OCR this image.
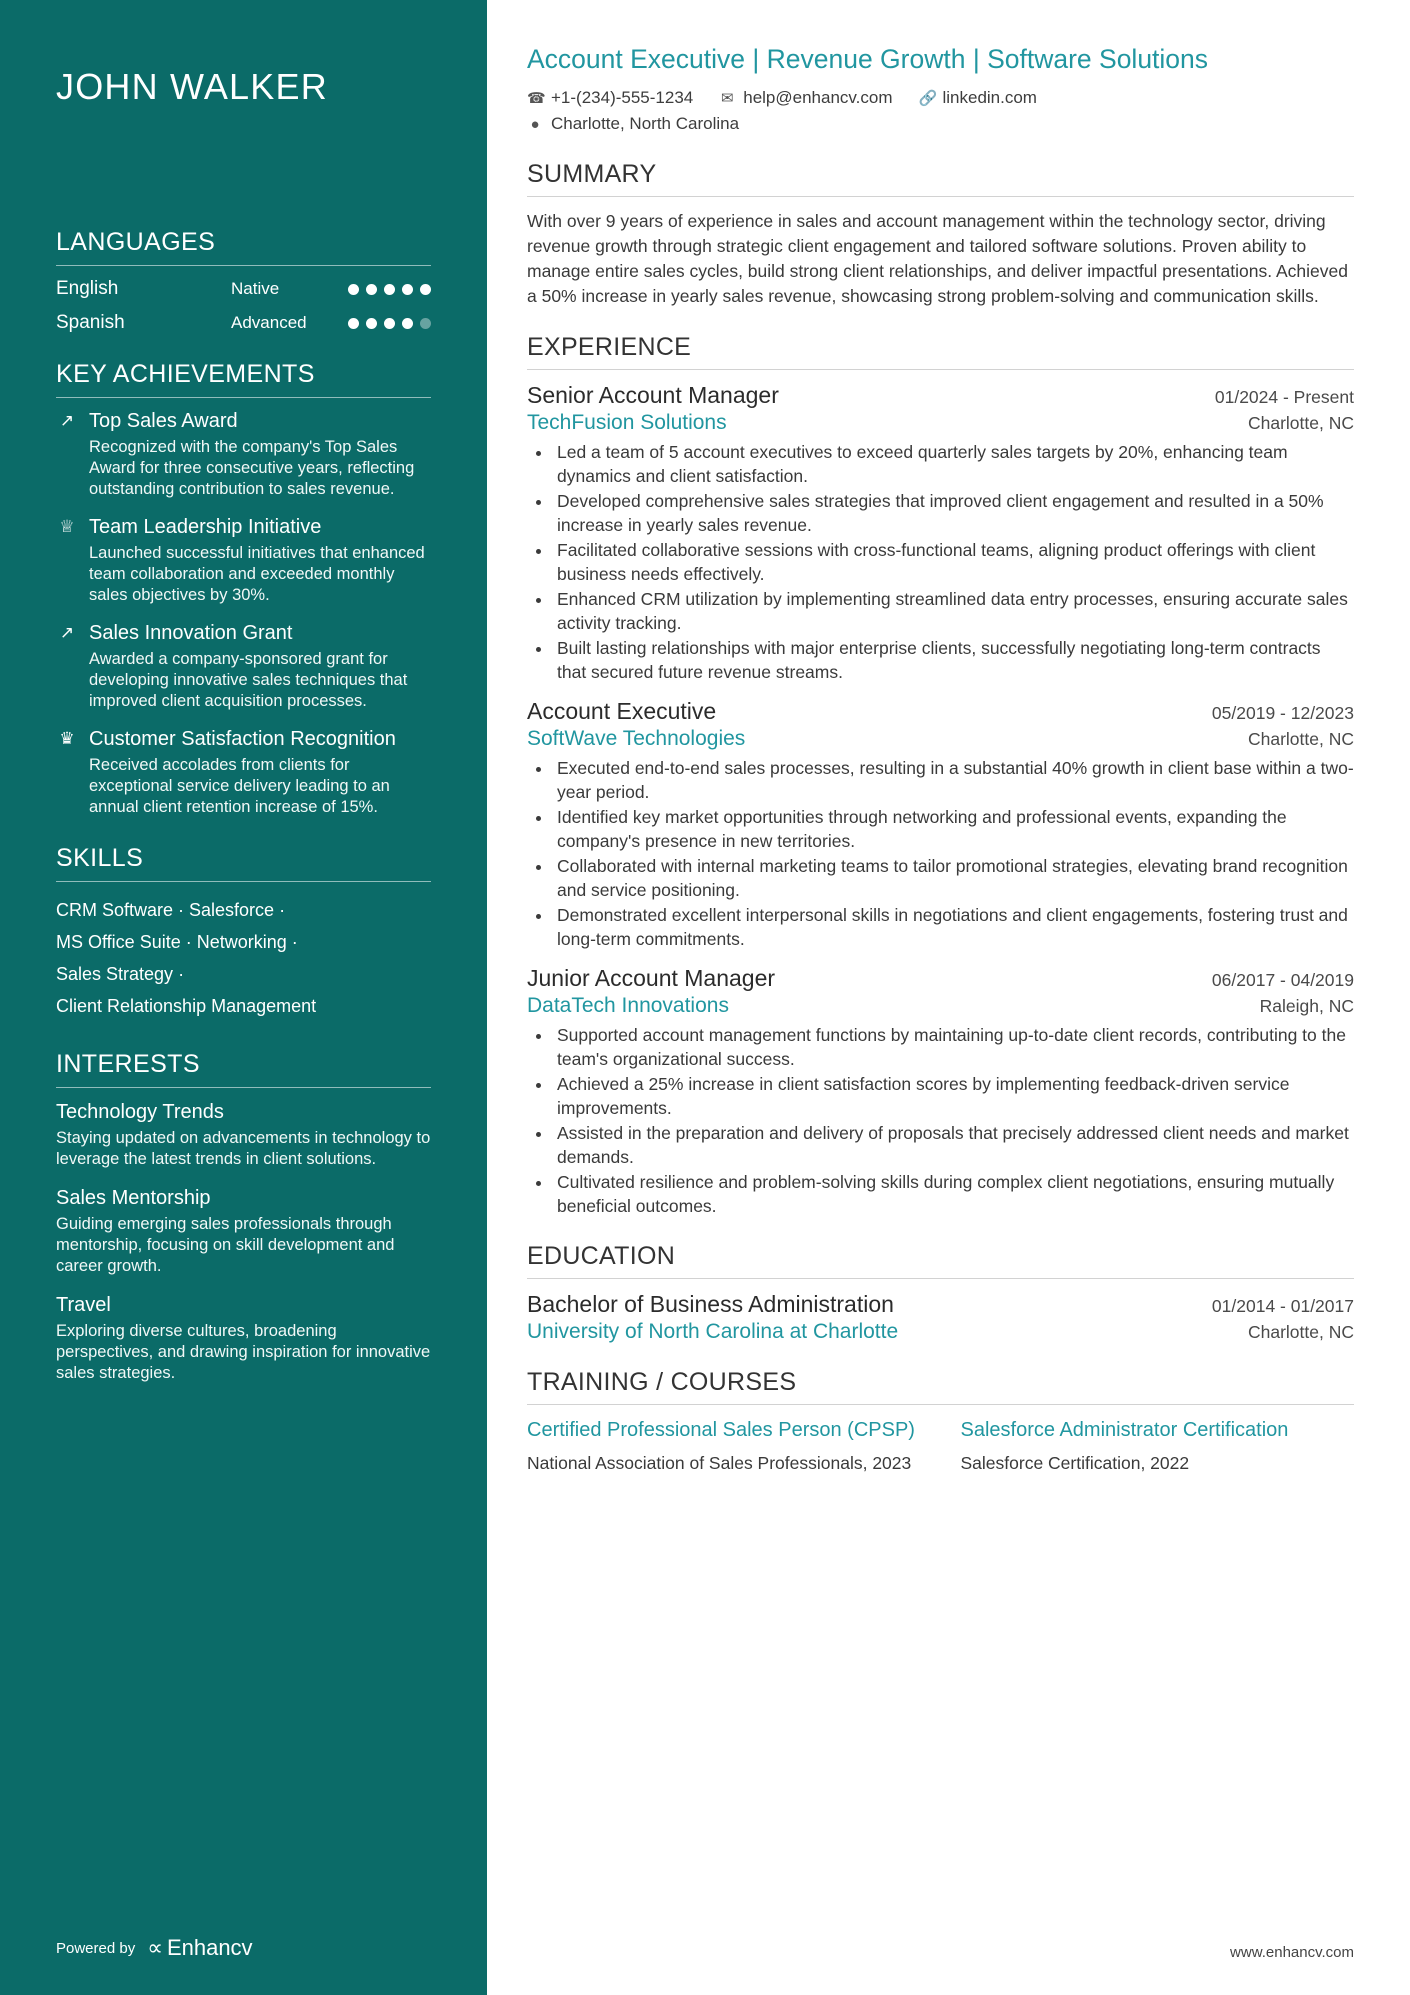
JOHN WALKER
LANGUAGES
English	Native
Spanish	Advanced
KEY ACHIEVEMENTS
↗ Top Sales Award
Recognized with the company's Top Sales Award for three consecutive years, reflecting outstanding contribution to sales revenue.
♕ Team Leadership Initiative
Launched successful initiatives that enhanced team collaboration and exceeded monthly sales objectives by 30%.
↗ Sales Innovation Grant
Awarded a company-sponsored grant for developing innovative sales techniques that improved client acquisition processes.
♛ Customer Satisfaction Recognition
Received accolades from clients for exceptional service delivery leading to an annual client retention increase of 15%.
SKILLS
CRM Software · Salesforce ·
MS Office Suite · Networking ·
Sales Strategy ·
Client Relationship Management
INTERESTS
Technology Trends
Staying updated on advancements in technology to leverage the latest trends in client solutions.
Sales Mentorship
Guiding emerging sales professionals through mentorship, focusing on skill development and career growth.
Travel
Exploring diverse cultures, broadening perspectives, and drawing inspiration for innovative sales strategies.
Powered by ∝ Enhancv
Account Executive | Revenue Growth | Software Solutions
☎ +1-(234)-555-1234 ✉ help@enhancv.com 🔗 linkedin.com
● Charlotte, North Carolina
SUMMARY

With over 9 years of experience in sales and account management within the technology sector, driving revenue growth through strategic client engagement and tailored software solutions. Proven ability to manage entire sales cycles, build strong client relationships, and deliver impactful presentations. Achieved a 50% increase in yearly sales revenue, showcasing strong problem-solving and communication skills.

EXPERIENCE
Senior Account Manager	01/2024 - Present
TechFusion Solutions	Charlotte, NC
• Led a team of 5 account executives to exceed quarterly sales targets by 20%, enhancing team dynamics and client satisfaction.
• Developed comprehensive sales strategies that improved client engagement and resulted in a 50% increase in yearly sales revenue.
• Facilitated collaborative sessions with cross-functional teams, aligning product offerings with client business needs effectively.
• Enhanced CRM utilization by implementing streamlined data entry processes, ensuring accurate sales activity tracking.
• Built lasting relationships with major enterprise clients, successfully negotiating long-term contracts that secured future revenue streams.
Account Executive	05/2019 - 12/2023
SoftWave Technologies	Charlotte, NC
• Executed end-to-end sales processes, resulting in a substantial 40% growth in client base within a two-year period.
• Identified key market opportunities through networking and professional events, expanding the company's presence in new territories.
• Collaborated with internal marketing teams to tailor promotional strategies, elevating brand recognition and service positioning.
• Demonstrated excellent interpersonal skills in negotiations and client engagements, fostering trust and long-term commitments.
Junior Account Manager	06/2017 - 04/2019
DataTech Innovations	Raleigh, NC
• Supported account management functions by maintaining up-to-date client records, contributing to the team's organizational success.
• Achieved a 25% increase in client satisfaction scores by implementing feedback-driven service improvements.
• Assisted in the preparation and delivery of proposals that precisely addressed client needs and market demands.
• Cultivated resilience and problem-solving skills during complex client negotiations, ensuring mutually beneficial outcomes.
EDUCATION
Bachelor of Business Administration	01/2014 - 01/2017
University of North Carolina at Charlotte	Charlotte, NC
TRAINING / COURSES
Certified Professional Sales Person (CPSP)
National Association of Sales Professionals, 2023
Salesforce Administrator Certification
Salesforce Certification, 2022
www.enhancv.com
